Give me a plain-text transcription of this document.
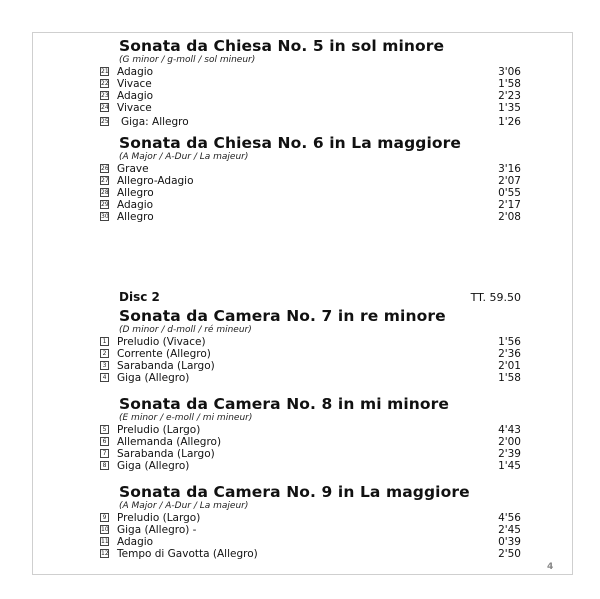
Sonata da Chiesa No. 5 in sol minore
(G minor / g-moll / sol mineur)
21 Adagio	3'06
22 Vivace	1'58
23 Adagio	2'23
24 Vivace	1'35
25 Giga: Allegro	1'26
Sonata da Chiesa No. 6 in La maggiore
(A Major / A-Dur / La majeur)
26 Grave	3'16
27 Allegro-Adagio	2'07
28 Allegro	0'55
29 Adagio	2'17
30 Allegro	2'08
Disc 2	TT. 59.50
Sonata da Camera No. 7 in re minore
(D minor / d-moll / ré mineur)
1 Preludio (Vivace)	1'56
2 Corrente (Allegro)	2'36
3 Sarabanda (Largo)	2'01
4 Giga (Allegro)	1'58
Sonata da Camera No. 8 in mi minore
(E minor / e-moll / mi mineur)
5 Preludio (Largo)	4'43
6 Allemanda (Allegro)	2'00
7 Sarabanda (Largo)	2'39
8 Giga (Allegro)	1'45
Sonata da Camera No. 9 in La maggiore
(A Major / A-Dur / La majeur)
9 Preludio (Largo)	4'56
10 Giga (Allegro) -	2'45
11 Adagio	0'39
12 Tempo di Gavotta (Allegro)	2'50
4
